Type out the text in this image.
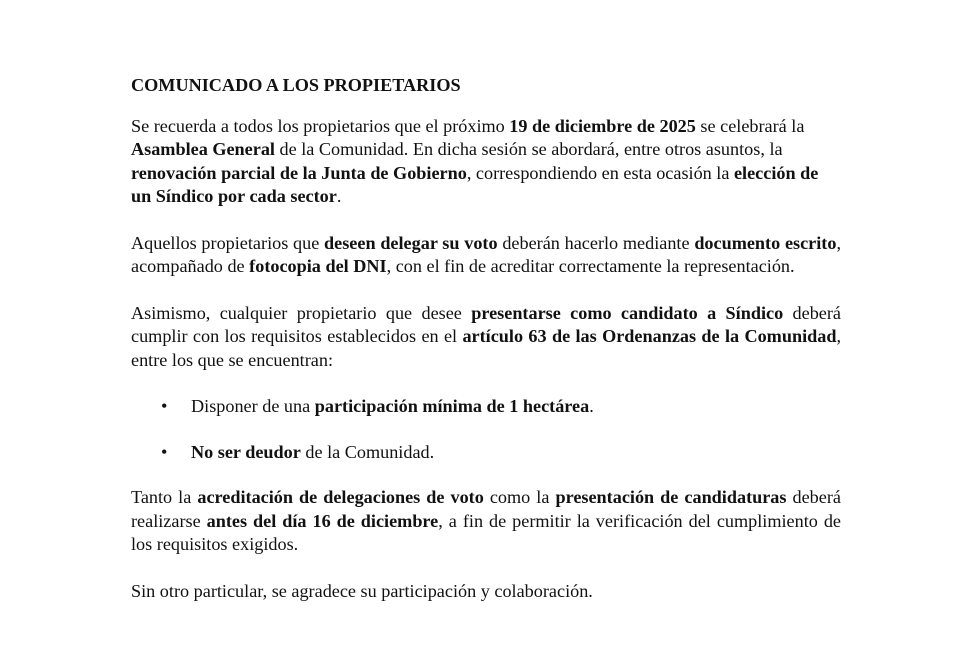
COMUNICADO A LOS PROPIETARIOS

Se recuerda a todos los propietarios que el próximo 19 de diciembre de 2025 se celebrará la Asamblea General de la Comunidad. En dicha sesión se abordará, entre otros asuntos, la renovación parcial de la Junta de Gobierno, correspondiendo en esta ocasión la elección de un Síndico por cada sector.

Aquellos propietarios que deseen delegar su voto deberán hacerlo mediante documento escrito, acompañado de fotocopia del DNI, con el fin de acreditar correctamente la representación.

Asimismo, cualquier propietario que desee presentarse como candidato a Síndico deberá cumplir con los requisitos establecidos en el artículo 63 de las Ordenanzas de la Comunidad, entre los que se encuentran:

• Disponer de una participación mínima de 1 hectárea.
• No ser deudor de la Comunidad.

Tanto la acreditación de delegaciones de voto como la presentación de candidaturas deberá realizarse antes del día 16 de diciembre, a fin de permitir la verificación del cumplimiento de los requisitos exigidos.

Sin otro particular, se agradece su participación y colaboración.
